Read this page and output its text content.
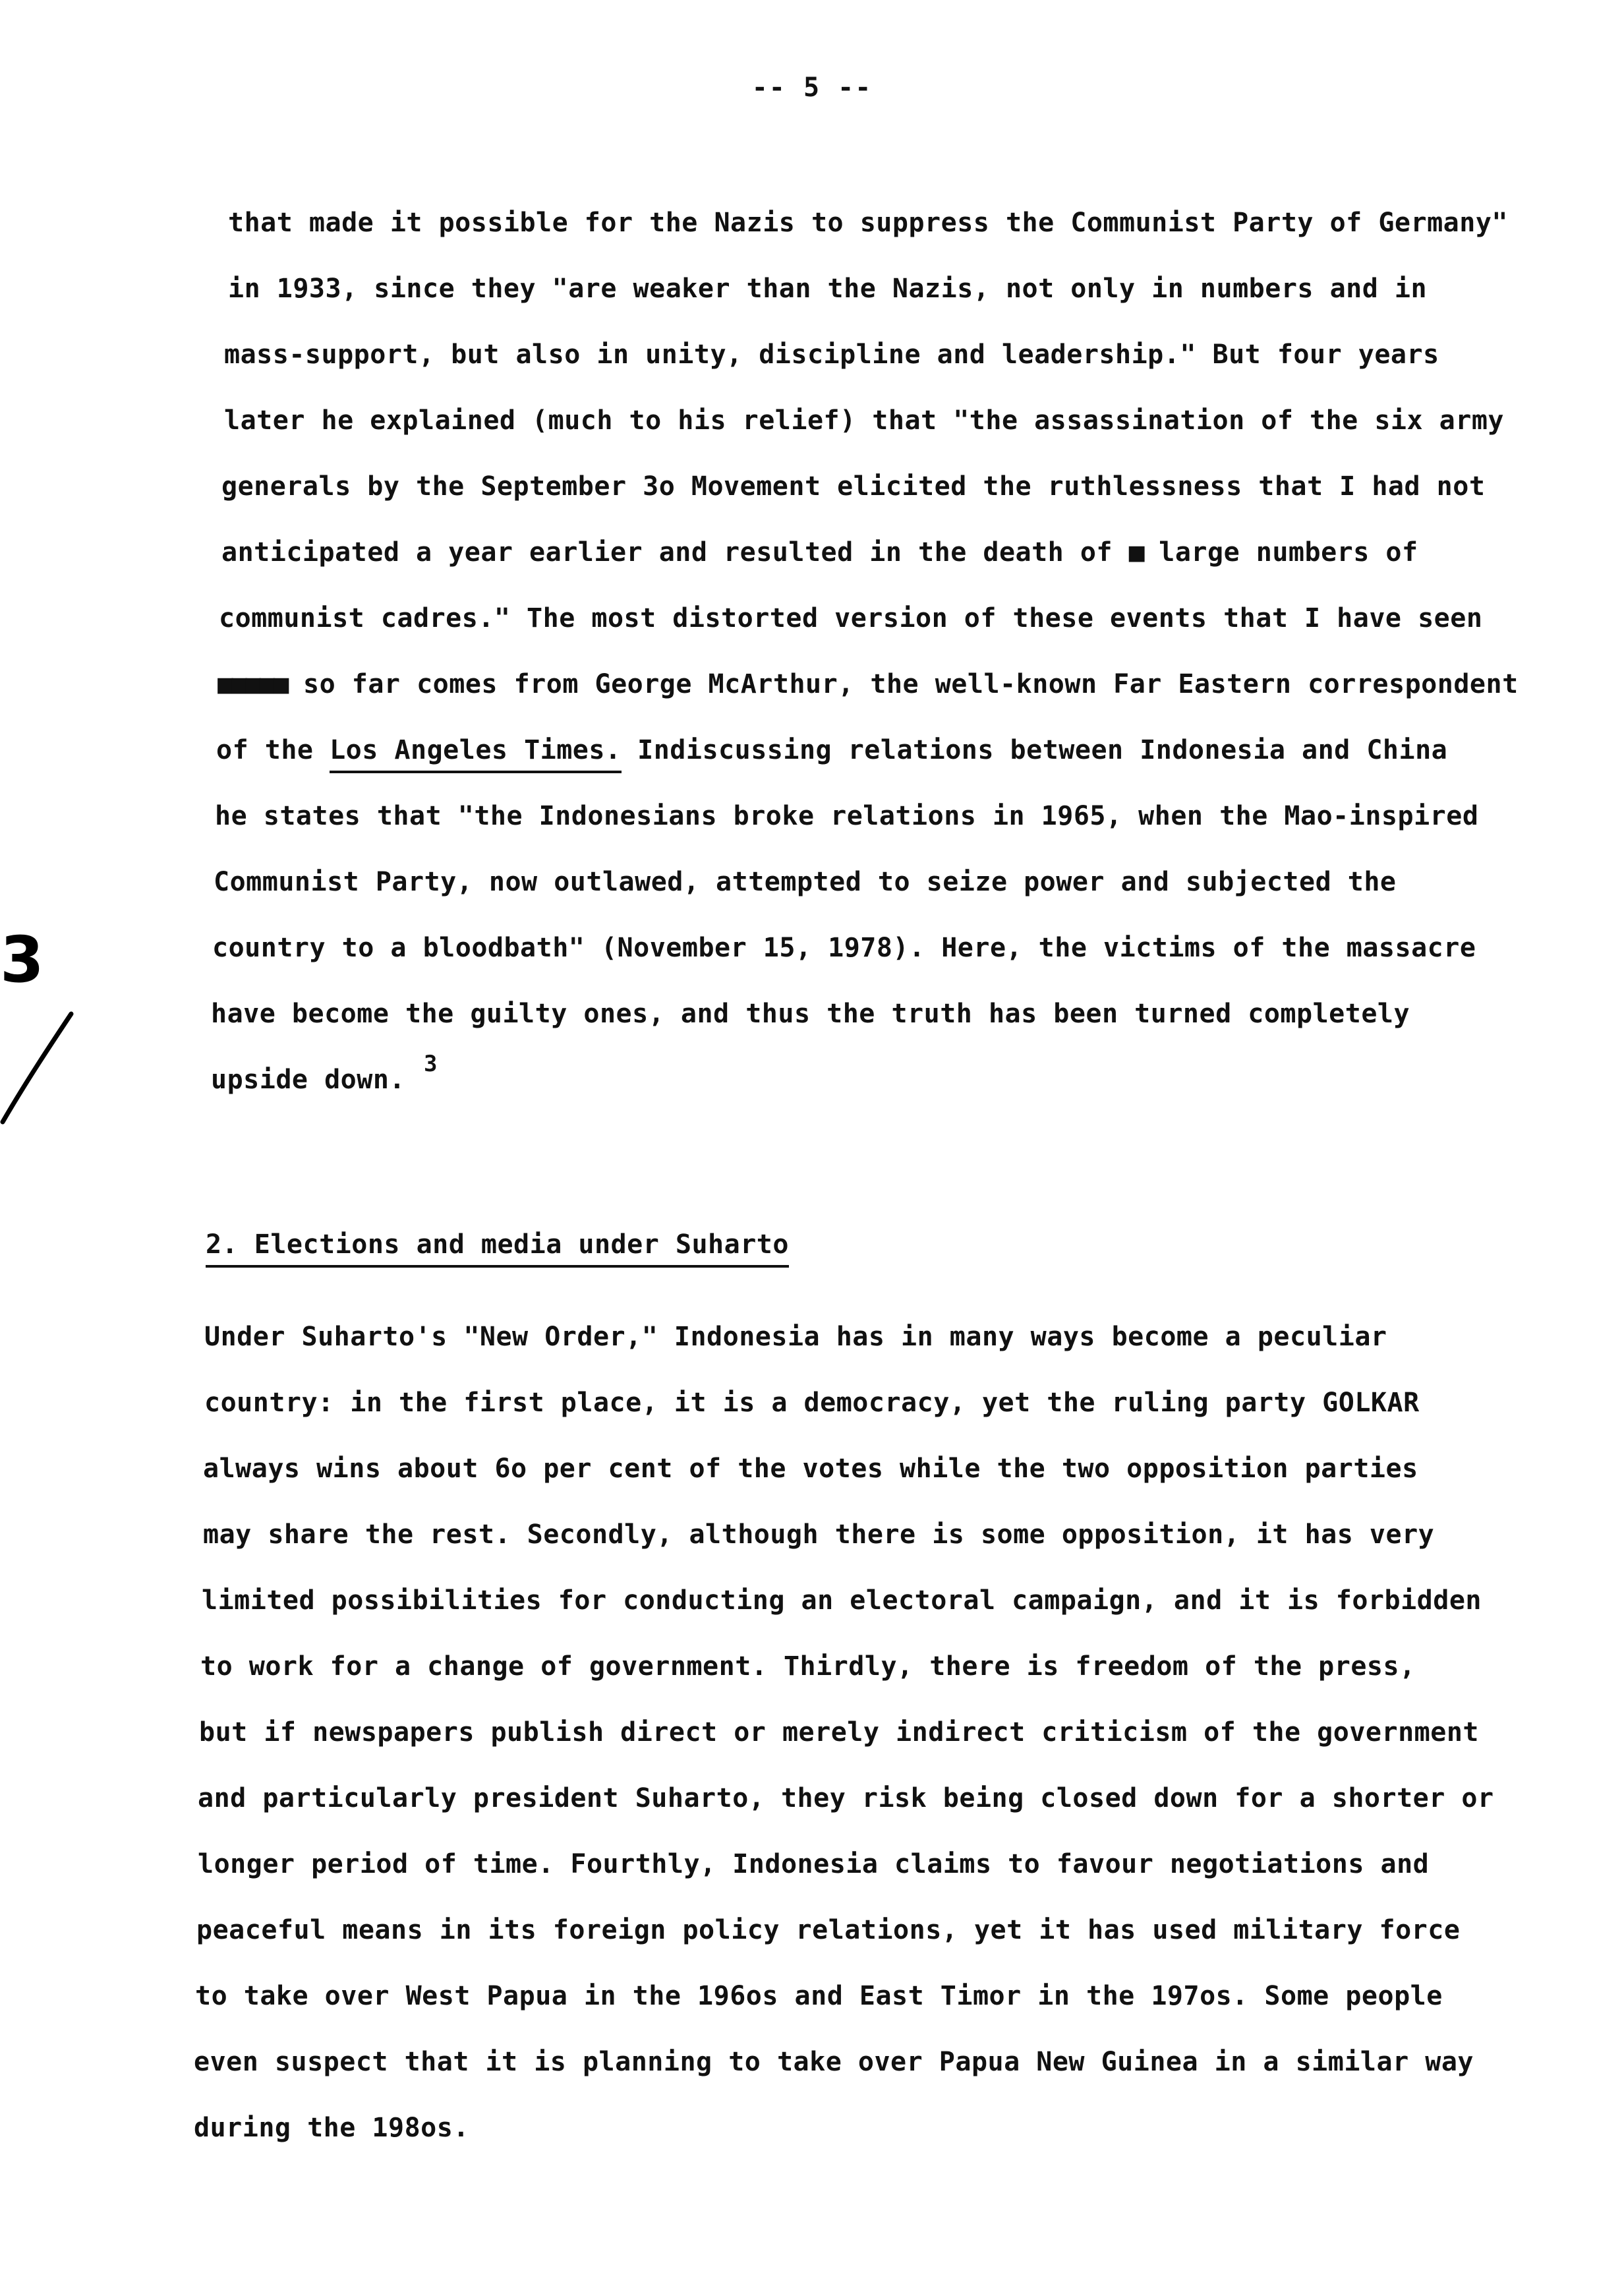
-- 5 --
that made it possible for the Nazis to suppress the Communist Party of Germany"
in 1933, since they "are weaker than the Nazis, not only in numbers and in
mass-support, but also in unity, discipline and leadership." But four years
later he explained (much to his relief) that "the assassination of the six army
generals by the September 3o Movement elicited the ruthlessness that I had not
anticipated a year earlier and resulted in the death of ■ large numbers of
communist cadres." The most distorted version of these events that I have seen
■■■■■ so far comes from George McArthur, the well-known Far Eastern correspondent
of the Los Angeles Times. Indiscussing relations between Indonesia and China
he states that "the Indonesians broke relations in 1965, when the Mao-inspired
Communist Party, now outlawed, attempted to seize power and subjected the
country to a bloodbath" (November 15, 1978). Here, the victims of the massacre
have become the guilty ones, and thus the truth has been turned completely
upside down.$^3$
2. Elections and media under Suharto
Under Suharto's "New Order," Indonesia has in many ways become a peculiar
country: in the first place, it is a democracy, yet the ruling party GOLKAR
always wins about 6o per cent of the votes while the two opposition parties
may share the rest. Secondly, although there is some opposition, it has very
limited possibilities for conducting an electoral campaign, and it is forbidden
to work for a change of government. Thirdly, there is freedom of the press,
but if newspapers publish direct or merely indirect criticism of the government
and particularly president Suharto, they risk being closed down for a shorter or
longer period of time. Fourthly, Indonesia claims to favour negotiations and
peaceful means in its foreign policy relations, yet it has used military force
to take over West Papua in the 196os and East Timor in the 197os. Some people
even suspect that it is planning to take over Papua New Guinea in a similar way
during the 198os.
3
